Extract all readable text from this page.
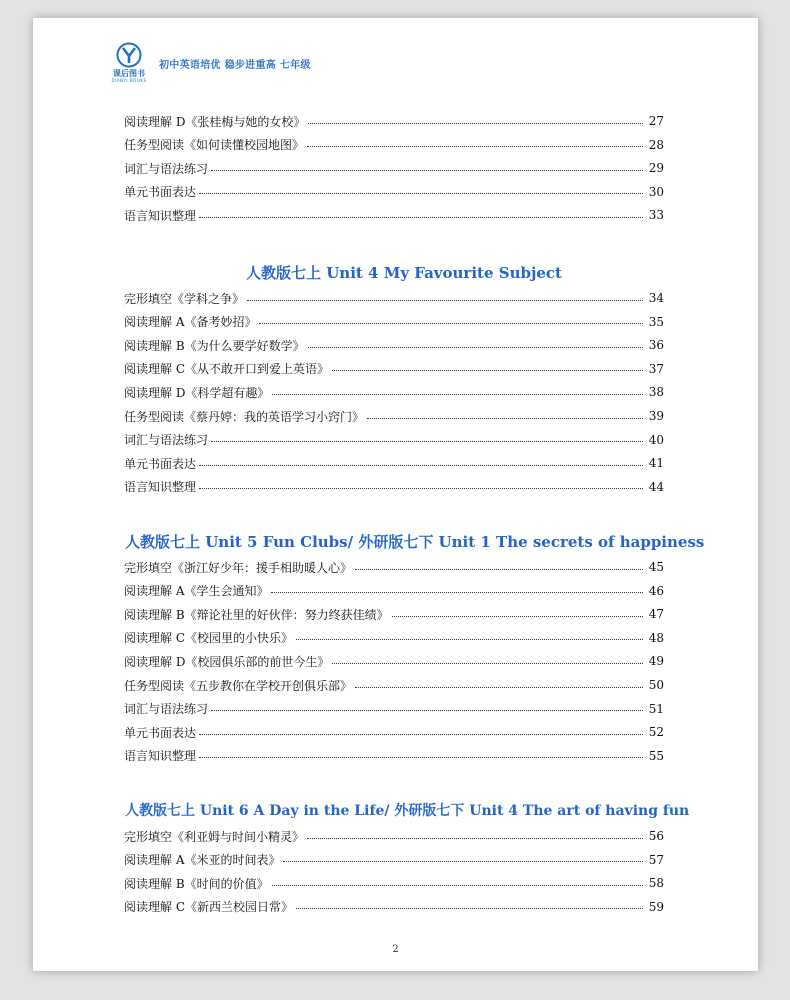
课后图书
DIANYI BOOKS
初中英语培优 稳步进重高 七年级
阅读理解 D《张桂梅与她的女校》	27
任务型阅读《如何读懂校园地图》	28
词汇与语法练习	29
单元书面表达	30
语言知识整理	33
人教版七上 Unit 4 My Favourite Subject
完形填空《学科之争》	34
阅读理解 A《备考妙招》	35
阅读理解 B《为什么要学好数学》	36
阅读理解 C《从不敢开口到爱上英语》	37
阅读理解 D《科学超有趣》	38
任务型阅读《蔡丹婷：我的英语学习小窍门》	39
词汇与语法练习	40
单元书面表达	41
语言知识整理	44
人教版七上 Unit 5 Fun Clubs/ 外研版七下 Unit 1 The secrets of happiness
完形填空《浙江好少年：援手相助暖人心》	45
阅读理解 A《学生会通知》	46
阅读理解 B《辩论社里的好伙伴：努力终获佳绩》	47
阅读理解 C《校园里的小快乐》	48
阅读理解 D《校园俱乐部的前世今生》	49
任务型阅读《五步教你在学校开创俱乐部》	50
词汇与语法练习	51
单元书面表达	52
语言知识整理	55
人教版七上 Unit 6 A Day in the Life/ 外研版七下 Unit 4 The art of having fun
完形填空《利亚姆与时间小精灵》	56
阅读理解 A《米亚的时间表》	57
阅读理解 B《时间的价值》	58
阅读理解 C《新西兰校园日常》	59
2
